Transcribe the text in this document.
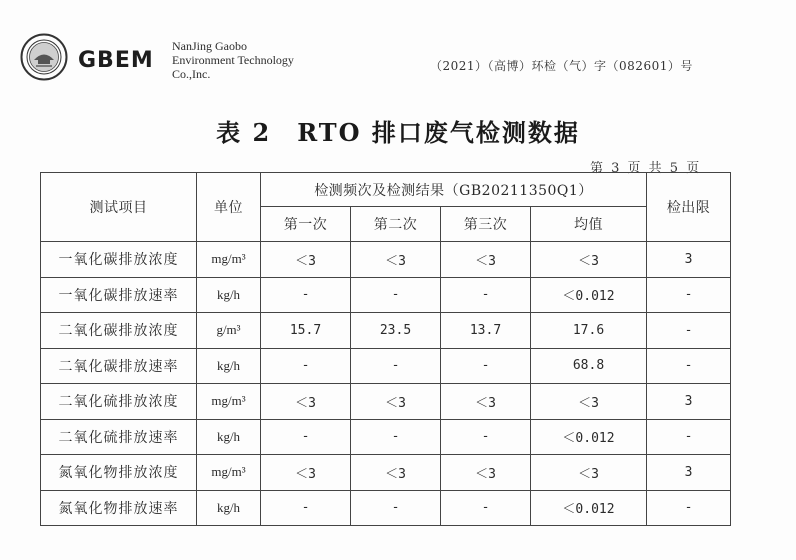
GBEM
NanJing Gaobo
Environment Technology
Co.,Inc.
（2021）（高博）环检（气）字（082601）号
表 2　RTO 排口废气检测数据
第 3 页 共 5 页
测试项目	单位	检测频次及检测结果（GB20211350Q1）				检出限
		第一次	第二次	第三次	均值	
一氧化碳排放浓度	mg/m³	＜3	＜3	＜3	＜3	3
一氧化碳排放速率	kg/h	-	-	-	＜0.012	-
二氧化碳排放浓度	g/m³	15.7	23.5	13.7	17.6	-
二氧化碳排放速率	kg/h	-	-	-	68.8	-
二氧化硫排放浓度	mg/m³	＜3	＜3	＜3	＜3	3
二氧化硫排放速率	kg/h	-	-	-	＜0.012	-
氮氧化物排放浓度	mg/m³	＜3	＜3	＜3	＜3	3
氮氧化物排放速率	kg/h	-	-	-	＜0.012	-
